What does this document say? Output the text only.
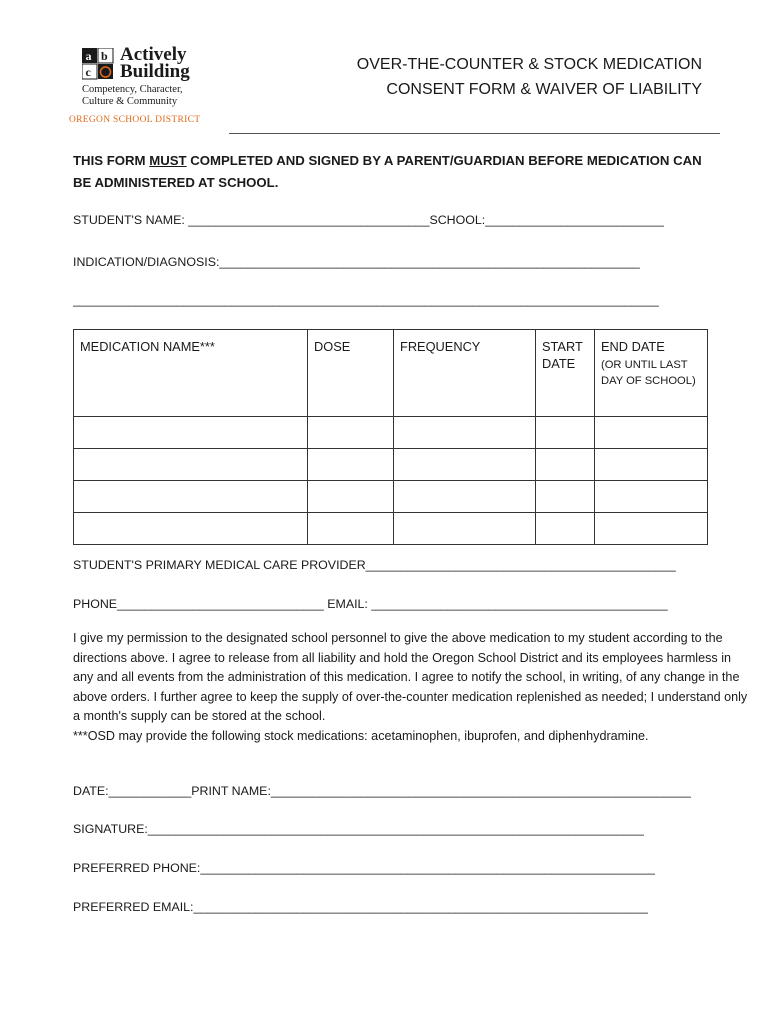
a b
c
Actively
Building
Competency, Character, Culture & Community
OREGON SCHOOL DISTRICT
OVER-THE-COUNTER & STOCK MEDICATION
CONSENT FORM & WAIVER OF LIABILITY
THIS FORM MUST COMPLETED AND SIGNED BY A PARENT/GUARDIAN BEFORE MEDICATION CAN BE ADMINISTERED AT SCHOOL.
STUDENT'S NAME: ___________________________________SCHOOL:__________________________
INDICATION/DIAGNOSIS:_____________________________________________________________
_____________________________________________________________________________________
MEDICATION NAME***	DOSE	FREQUENCY	START DATE	END DATE
(OR UNTIL LAST DAY OF SCHOOL)

STUDENT'S PRIMARY MEDICAL CARE PROVIDER_____________________________________________
PHONE______________________________ EMAIL: ___________________________________________

I give my permission to the designated school personnel to give the above medication to my student according to the directions above. I agree to release from all liability and hold the Oregon School District and its employees harmless in any and all events from the administration of this medication. I agree to notify the school, in writing, of any change in the above orders. I further agree to keep the supply of over-the-counter medication replenished as needed; I understand only a month's supply can be stored at the school.

***OSD may provide the following stock medications: acetaminophen, ibuprofen, and diphenhydramine.

DATE:____________PRINT NAME:_____________________________________________________________
SIGNATURE:________________________________________________________________________
PREFERRED PHONE:__________________________________________________________________
PREFERRED EMAIL:__________________________________________________________________
